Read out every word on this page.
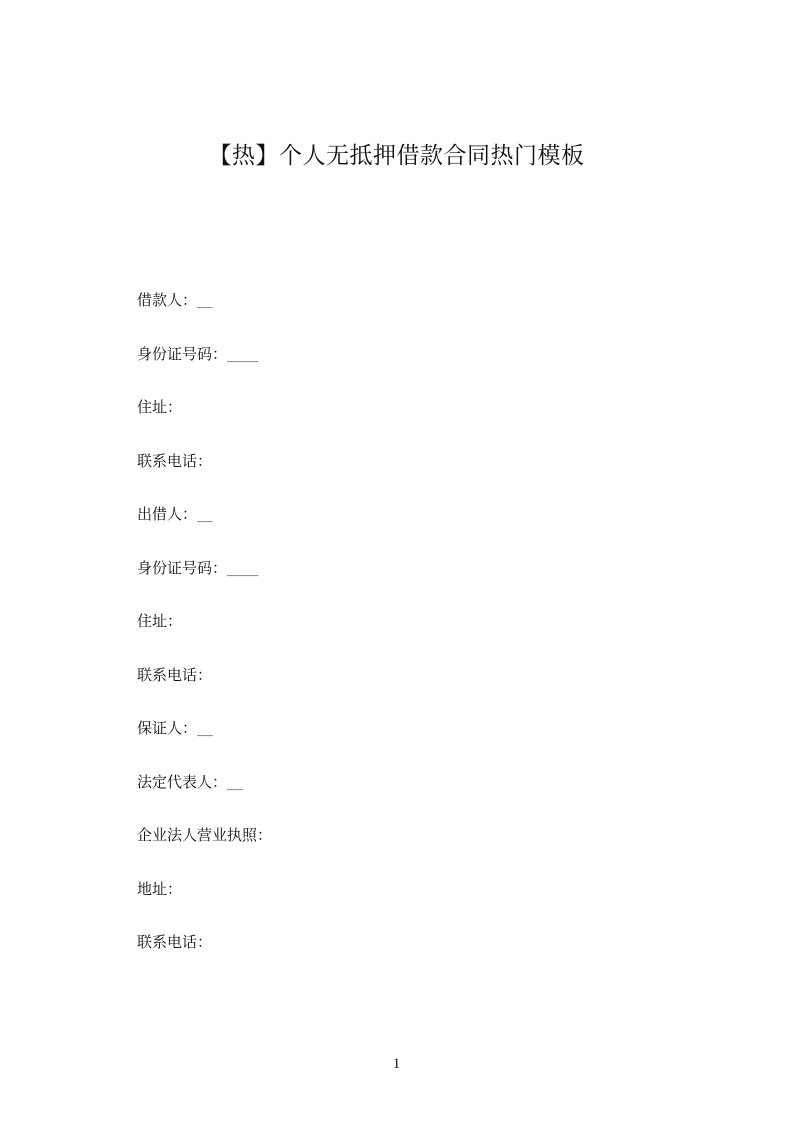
【热】个人无抵押借款合同热门模板
借款人：__
身份证号码：____
住址：
联系电话：
出借人：__
身份证号码：____
住址：
联系电话：
保证人：__
法定代表人：__
企业法人营业执照：
地址：
联系电话：
1
